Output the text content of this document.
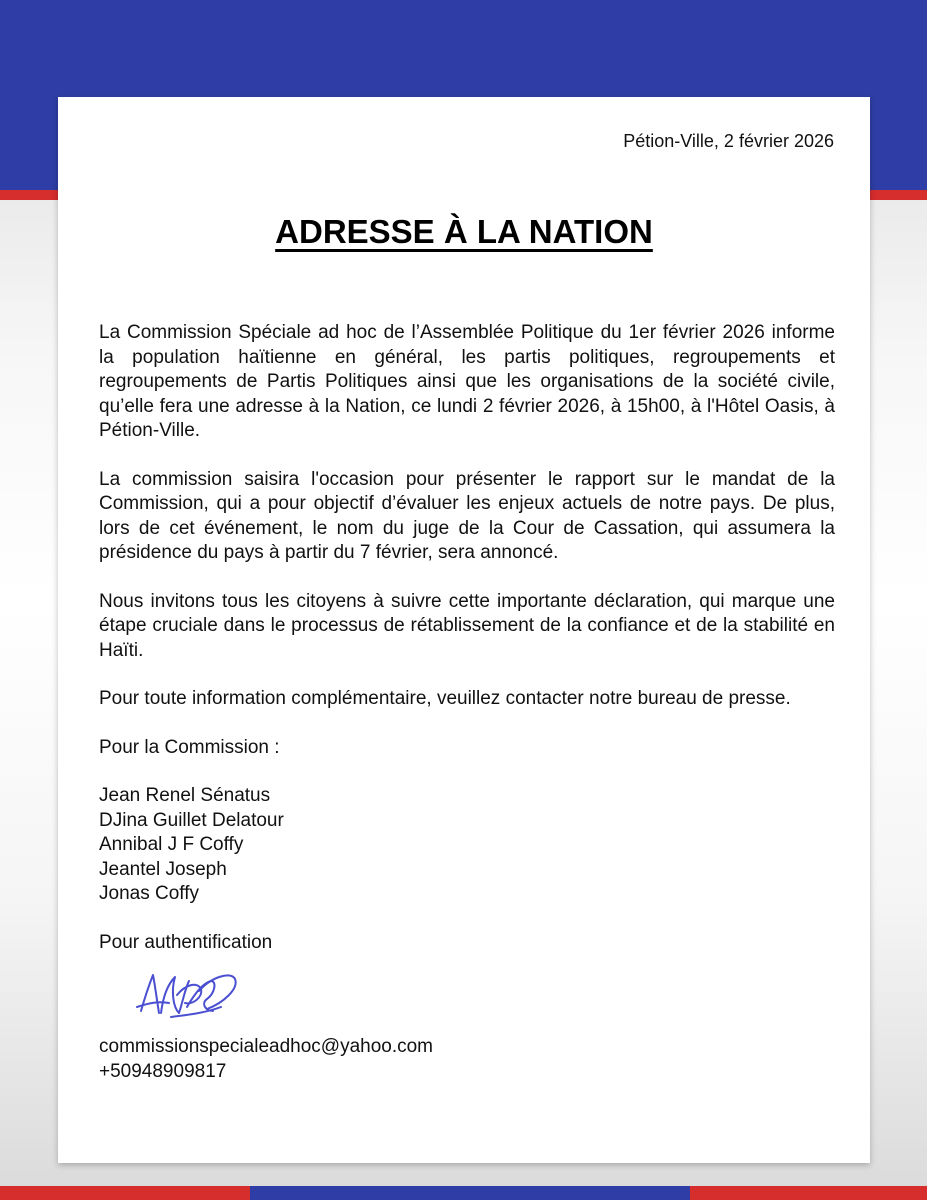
Pétion-Ville, 2 février 2026
ADRESSE À LA NATION

La Commission Spéciale ad hoc de l’Assemblée Politique du 1er février 2026 informe la population haïtienne en général, les partis politiques, regroupements et regroupements de Partis Politiques ainsi que les organisations de la société civile, qu’elle fera une adresse à la Nation, ce lundi 2 février 2026, à 15h00, à l'Hôtel Oasis, à Pétion-Ville.

La commission saisira l'occasion pour présenter le rapport sur le mandat de la Commission, qui a pour objectif d’évaluer les enjeux actuels de notre pays. De plus, lors de cet événement, le nom du juge de la Cour de Cassation, qui assumera la présidence du pays à partir du 7 février, sera annoncé.

Nous invitons tous les citoyens à suivre cette importante déclaration, qui marque une étape cruciale dans le processus de rétablissement de la confiance et de la stabilité en Haïti.

Pour toute information complémentaire, veuillez contacter notre bureau de presse.

Pour la Commission :

Jean Renel Sénatus
DJina Guillet Delatour
Annibal J F Coffy
Jeantel Joseph
Jonas Coffy

Pour authentification

commissionspecialeadhoc@yahoo.com
+50948909817
